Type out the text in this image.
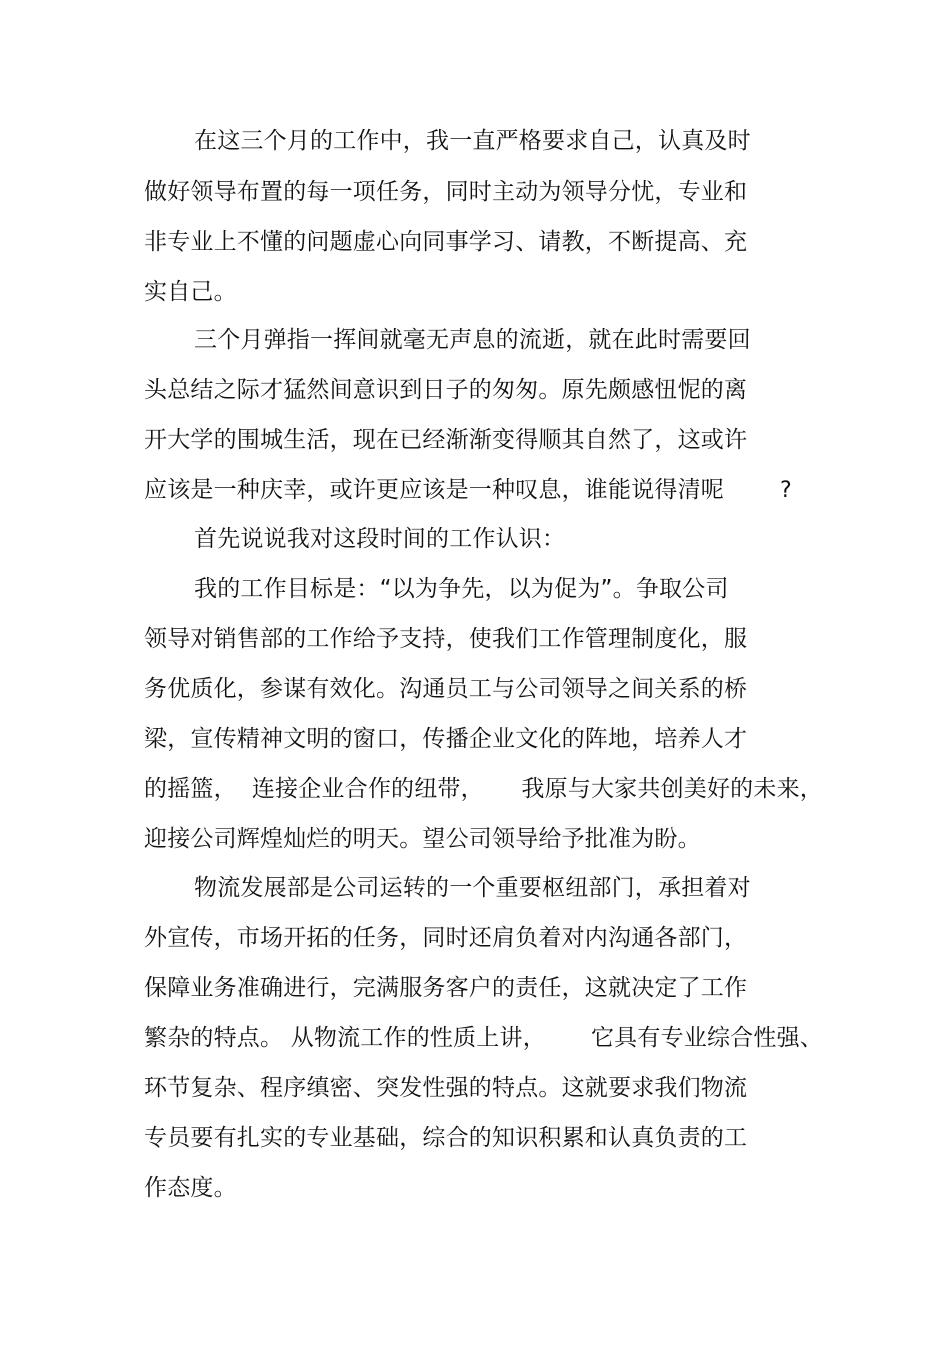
在这三个月的工作中，我一直严格要求自己，认真及时
做好领导布置的每一项任务，同时主动为领导分忧，专业和
非专业上不懂的问题虚心向同事学习、请教，不断提高、充
实自己。
三个月弹指一挥间就毫无声息的流逝，就在此时需要回
头总结之际才猛然间意识到日子的匆匆。原先颇感忸怩的离
开大学的围城生活，现在已经渐渐变得顺其自然了，这或许
应该是一种庆幸，或许更应该是一种叹息，谁能说得清呢	?
首先说说我对这段时间的工作认识：
我的工作目标是：“以为争先，以为促为”。争取公司
领导对销售部的工作给予支持，使我们工作管理制度化，服
务优质化，参谋有效化。沟通员工与公司领导之间关系的桥
梁，宣传精神文明的窗口，传播企业文化的阵地，培养人才
的摇篮，  连接企业合作的纽带，     我原与大家共创美好的未来，
迎接公司辉煌灿烂的明天。望公司领导给予批准为盼。
物流发展部是公司运转的一个重要枢纽部门，承担着对
外宣传，市场开拓的任务，同时还肩负着对内沟通各部门，
保障业务准确进行，完满服务客户的责任，这就决定了工作
繁杂的特点。 从物流工作的性质上讲，      它具有专业综合性强、
环节复杂、程序缜密、突发性强的特点。这就要求我们物流
专员要有扎实的专业基础，综合的知识积累和认真负责的工
作态度。
